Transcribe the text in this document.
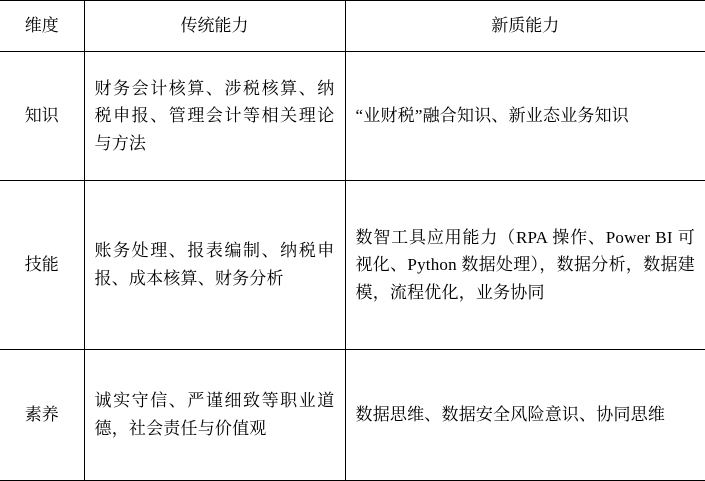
维度	传统能力	新质能力
知识	财务会计核算、涉税核算、纳税申报、管理会计等相关理论与方法	“业财税”融合知识、新业态业务知识
技能	账务处理、报表编制、纳税申报、成本核算、财务分析	数智工具应用能力（RPA 操作、Power BI 可视化、Python 数据处理），数据分析，数据建模，流程优化，业务协同
素养	诚实守信、严谨细致等职业道德，社会责任与价值观	数据思维、数据安全风险意识、协同思维
